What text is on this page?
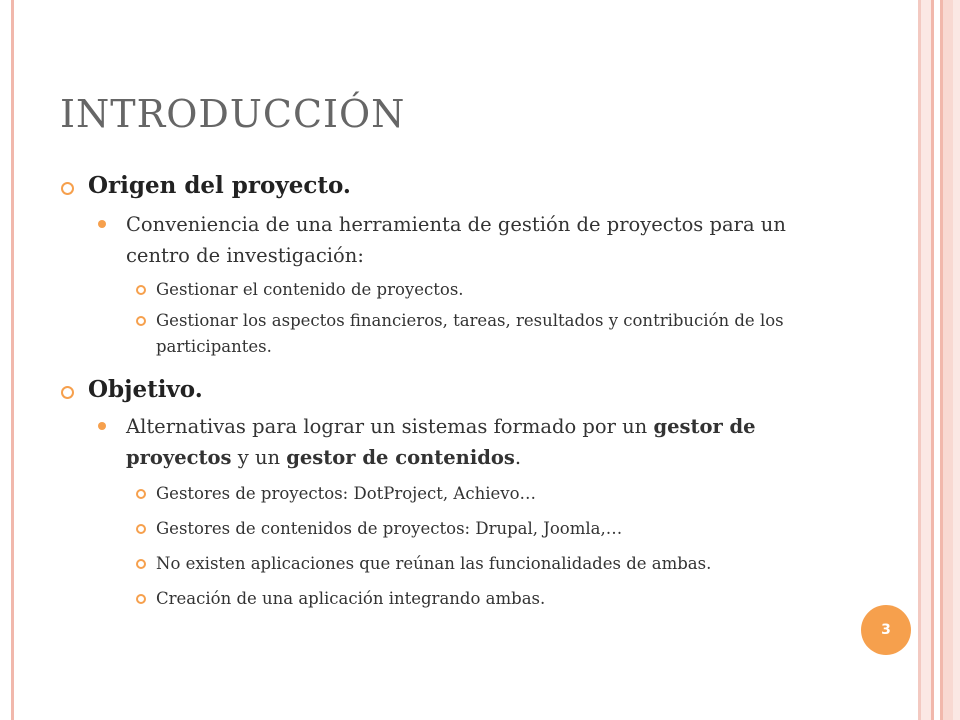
INTRODUCCIÓN
Origen del proyecto.
Conveniencia de una herramienta de gestión de proyectos para un centro de investigación:
Gestionar el contenido de proyectos.
Gestionar los aspectos financieros, tareas, resultados y contribución de los participantes.
Objetivo.
Alternativas para lograr un sistemas formado por un gestor de proyectos y un gestor de contenidos.
Gestores de proyectos: DotProject, Achievo…
Gestores de contenidos de proyectos: Drupal, Joomla,…
No existen aplicaciones que reúnan las funcionalidades de ambas.
Creación de una aplicación integrando ambas.
3
